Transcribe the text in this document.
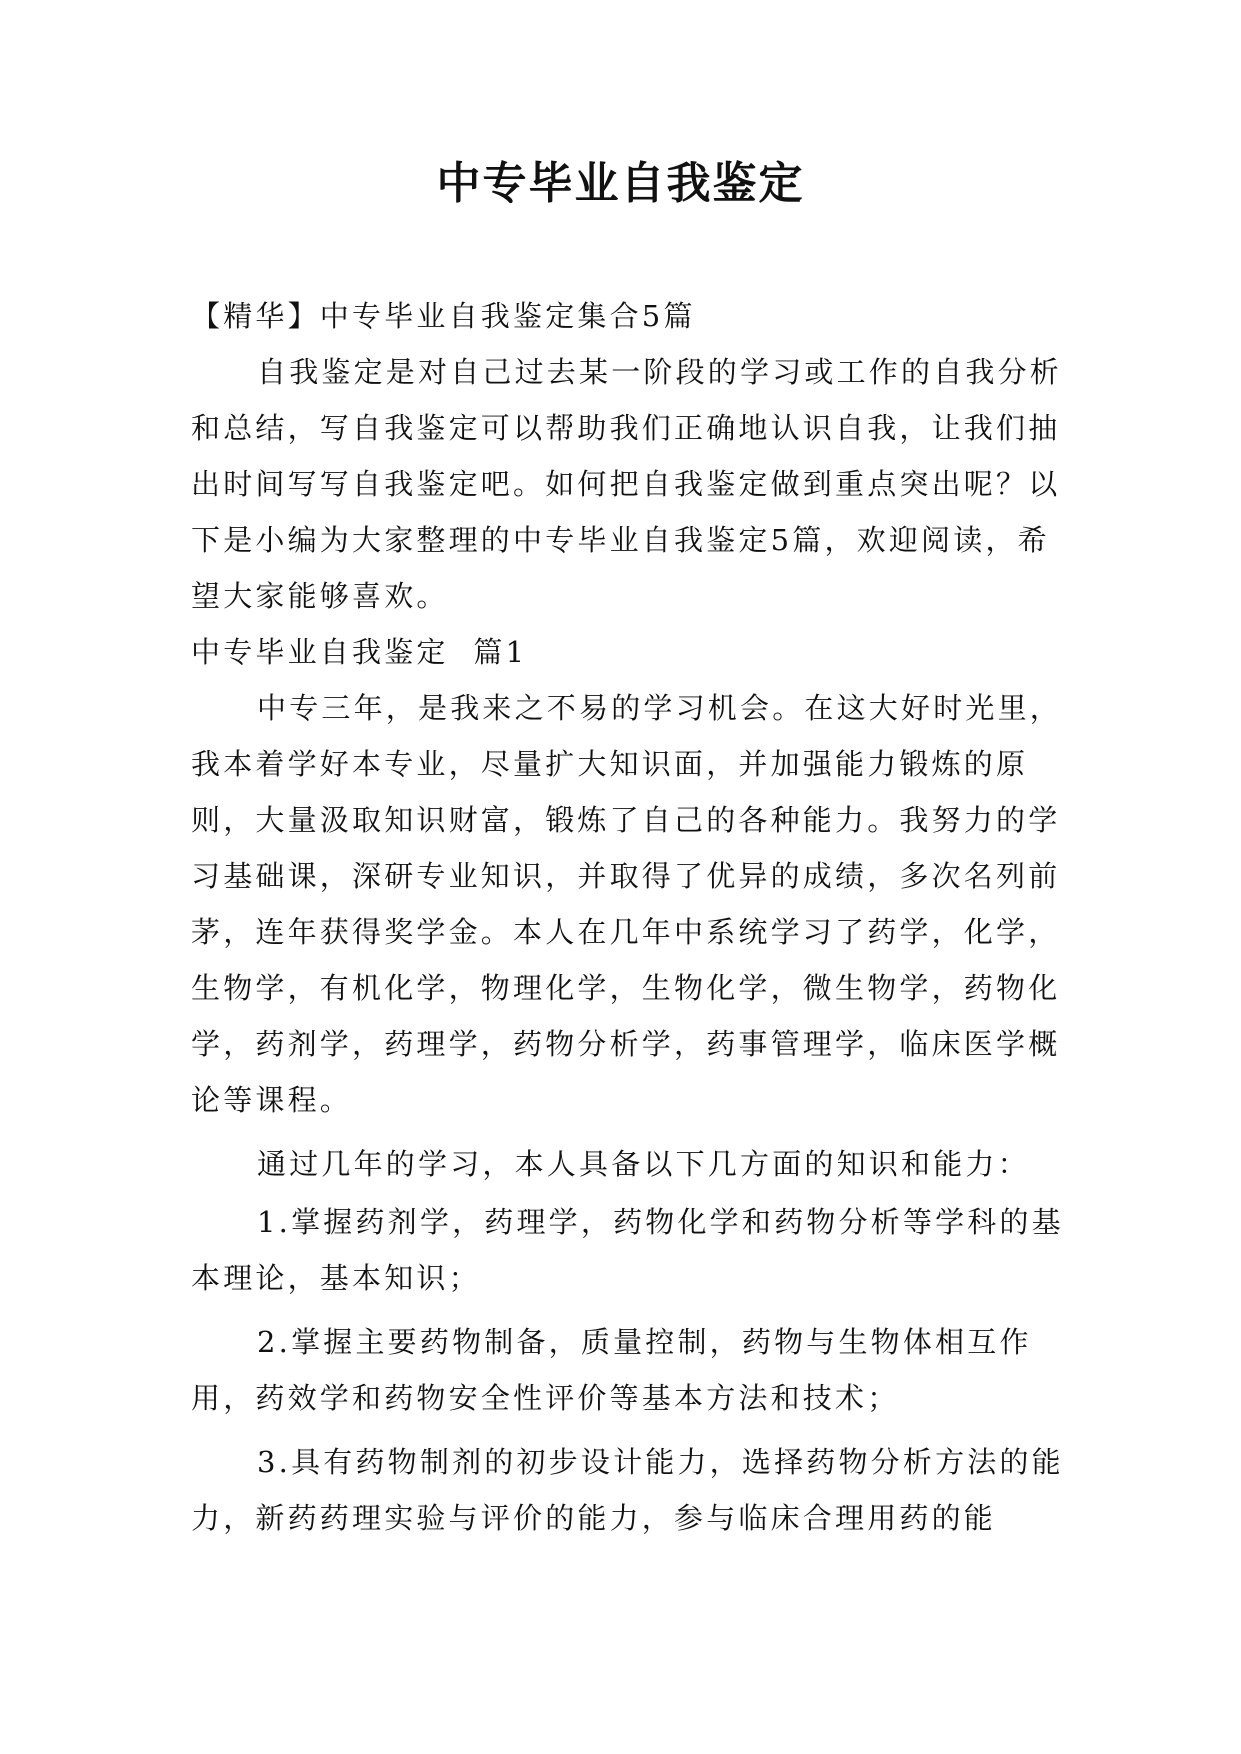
中专毕业自我鉴定

【精华】中专毕业自我鉴定集合5篇

自我鉴定是对自己过去某一阶段的学习或工作的自我分析和总结，写自我鉴定可以帮助我们正确地认识自我，让我们抽出时间写写自我鉴定吧。如何把自我鉴定做到重点突出呢？以下是小编为大家整理的中专毕业自我鉴定5篇，欢迎阅读，希望大家能够喜欢。

中专毕业自我鉴定  篇1

中专三年，是我来之不易的学习机会。在这大好时光里，我本着学好本专业，尽量扩大知识面，并加强能力锻炼的原则，大量汲取知识财富，锻炼了自己的各种能力。我努力的学习基础课，深研专业知识，并取得了优异的成绩，多次名列前茅，连年获得奖学金。本人在几年中系统学习了药学，化学，生物学，有机化学，物理化学，生物化学，微生物学，药物化学，药剂学，药理学，药物分析学，药事管理学，临床医学概论等课程。

通过几年的学习，本人具备以下几方面的知识和能力：

1.掌握药剂学，药理学，药物化学和药物分析等学科的基本理论，基本知识；

2.掌握主要药物制备，质量控制，药物与生物体相互作用，药效学和药物安全性评价等基本方法和技术；

3.具有药物制剂的初步设计能力，选择药物分析方法的能力，新药药理实验与评价的能力，参与临床合理用药的能
